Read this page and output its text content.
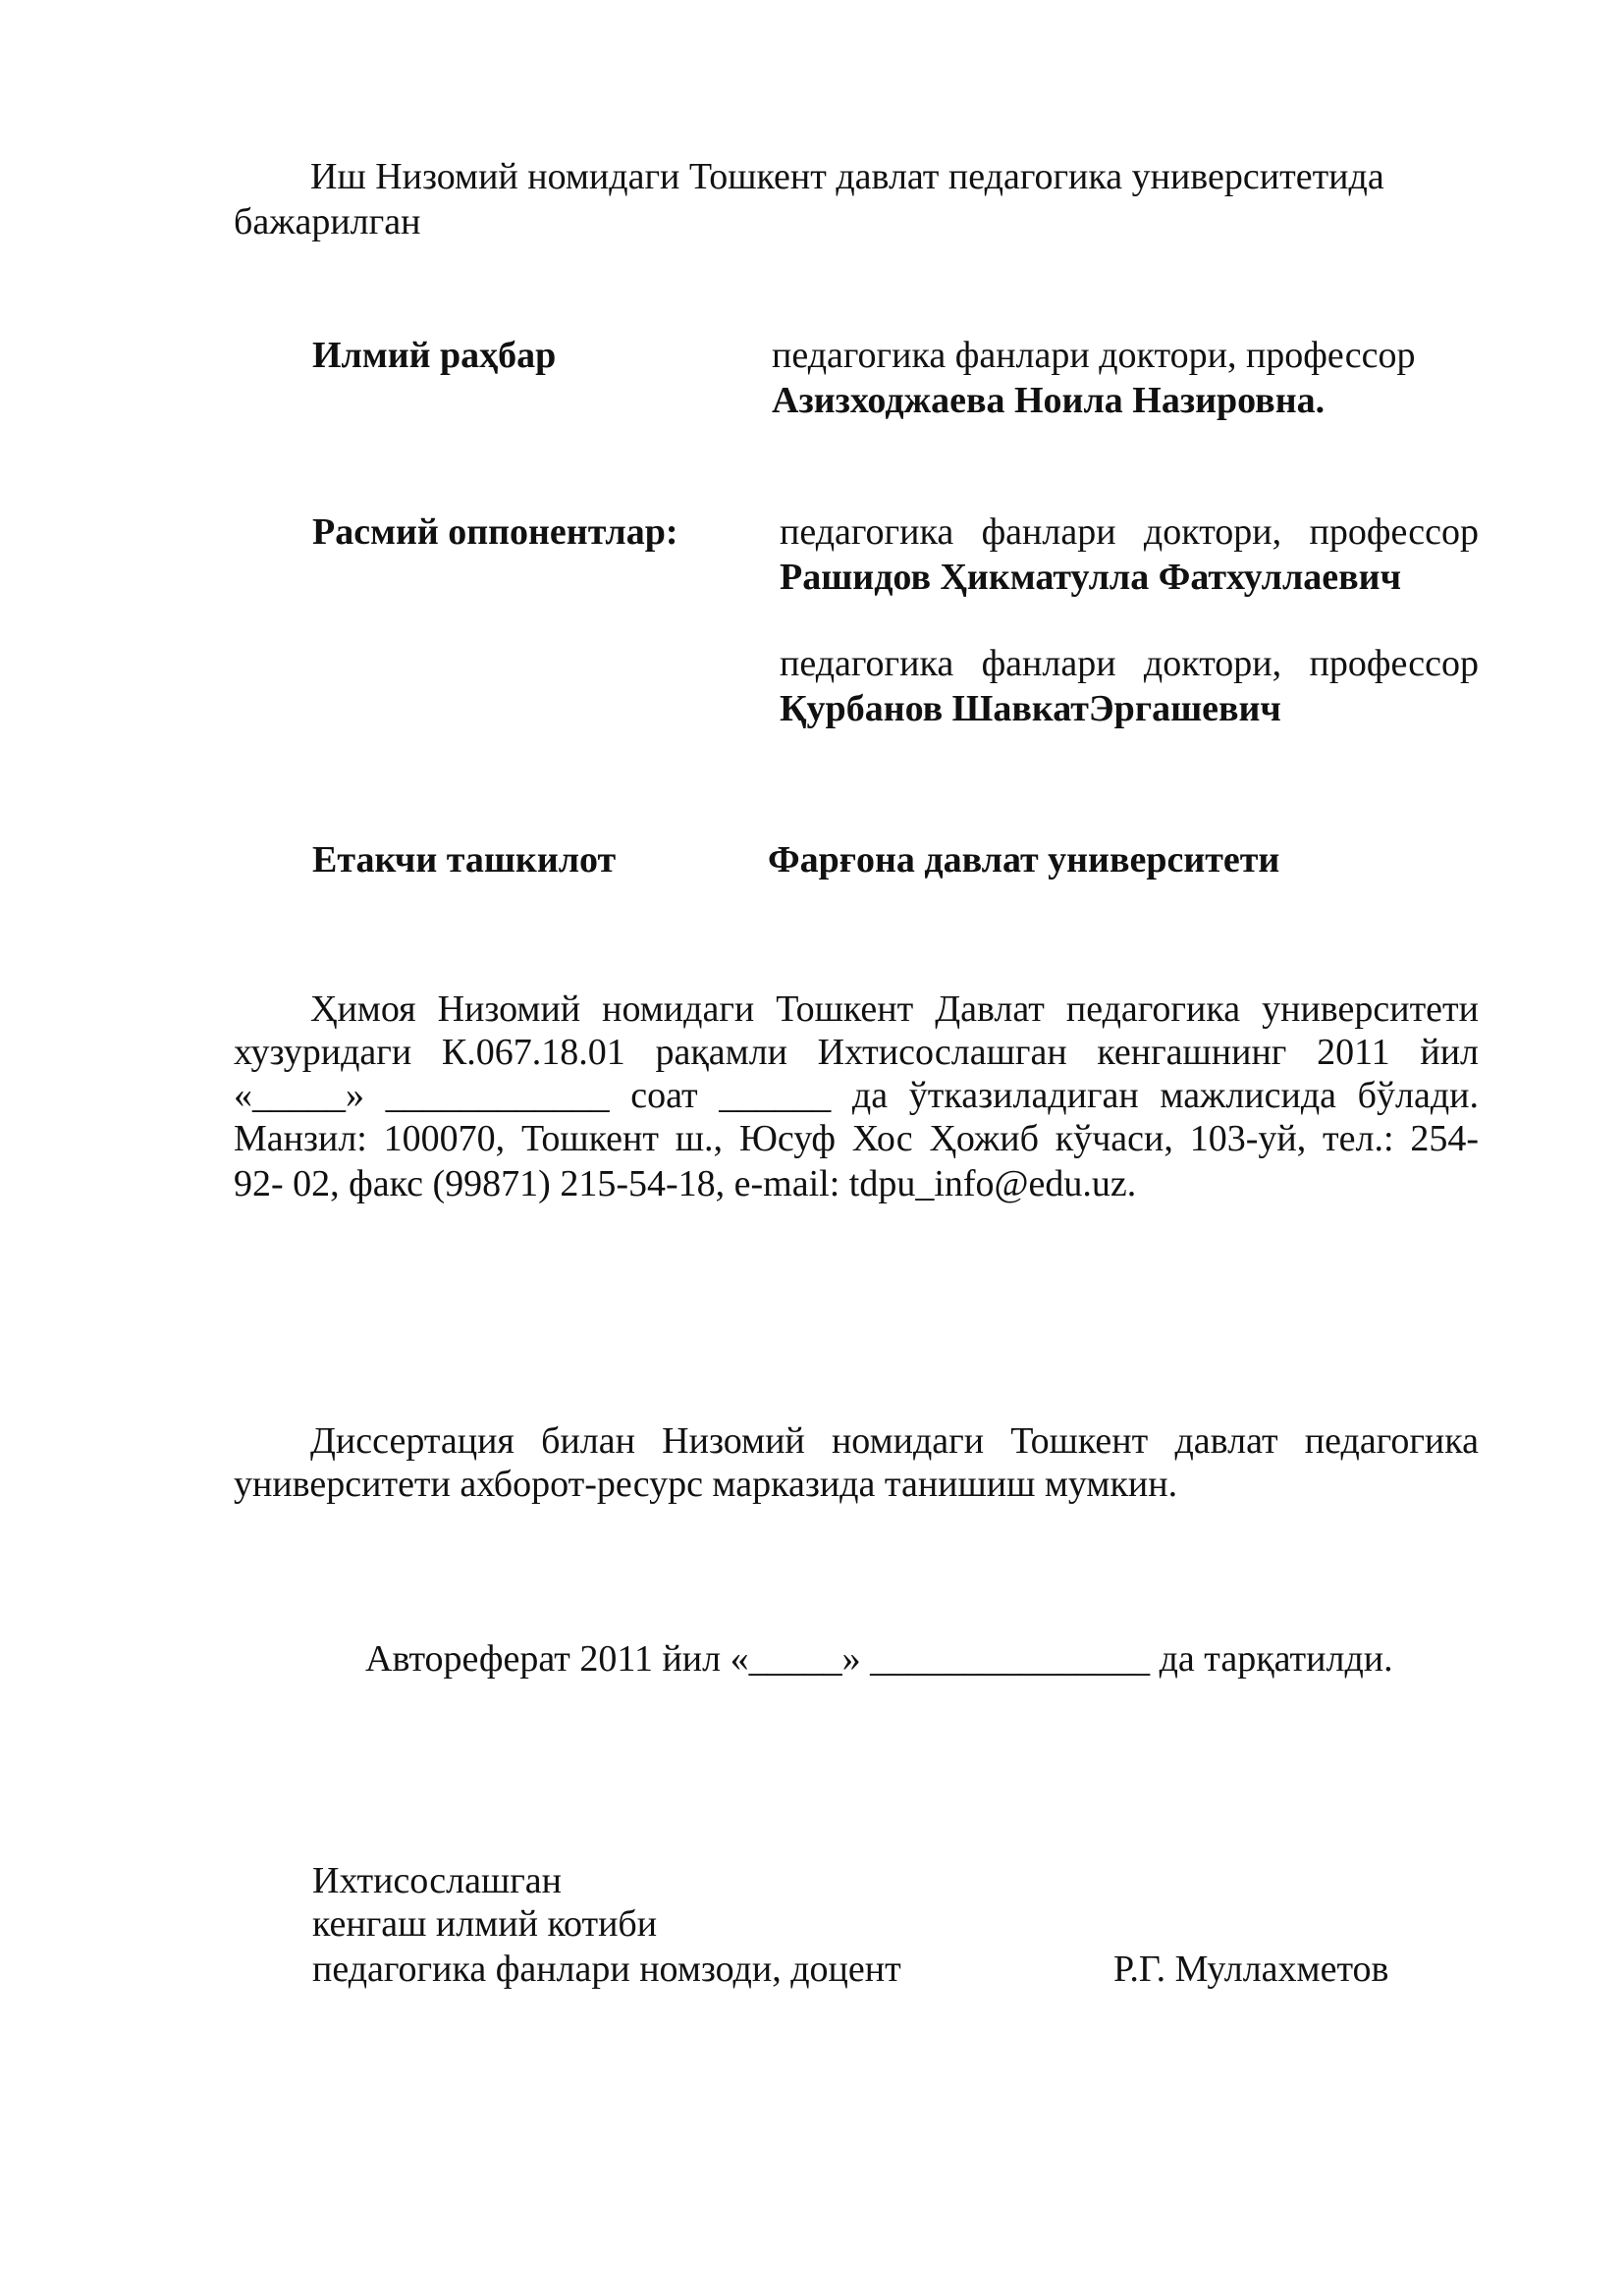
Иш Низомий номидаги Тошкент давлат педагогика университетида
бажарилган
Илмий раҳбар	педагогика фанлари доктори, профессор
Азизходжаева Ноила Назировна.
Расмий оппонентлар:	педагогика фанлари доктори, профессор
Рашидов Ҳикматулла Фатхуллаевич
педагогика фанлари доктори, профессор
Қурбанов ШавкатЭргашевич
Етакчи ташкилот	Фарғона давлат университети
Ҳимоя Низомий номидаги Тошкент Давлат педагогика университети
хузуридаги К.067.18.01 рақамли Ихтисослашган кенгашнинг 2011 йил
«_____» ____________ соат ______ да ўтказиладиган мажлисида бўлади.
Манзил: 100070, Тошкент ш., Юсуф Хос Ҳожиб кўчаси, 103-уй, тел.: 254-
92- 02, факс (99871) 215-54-18, e-mail: tdpu_info@edu.uz.
Диссертация билан Низомий номидаги Тошкент давлат педагогика
университети ахборот-ресурс марказида танишиш мумкин.
Автореферат 2011 йил «_____» _______________ да тарқатилди.
Ихтисослашган
кенгаш илмий котиби
педагогика фанлари номзоди, доцент	Р.Г. Муллахметов
